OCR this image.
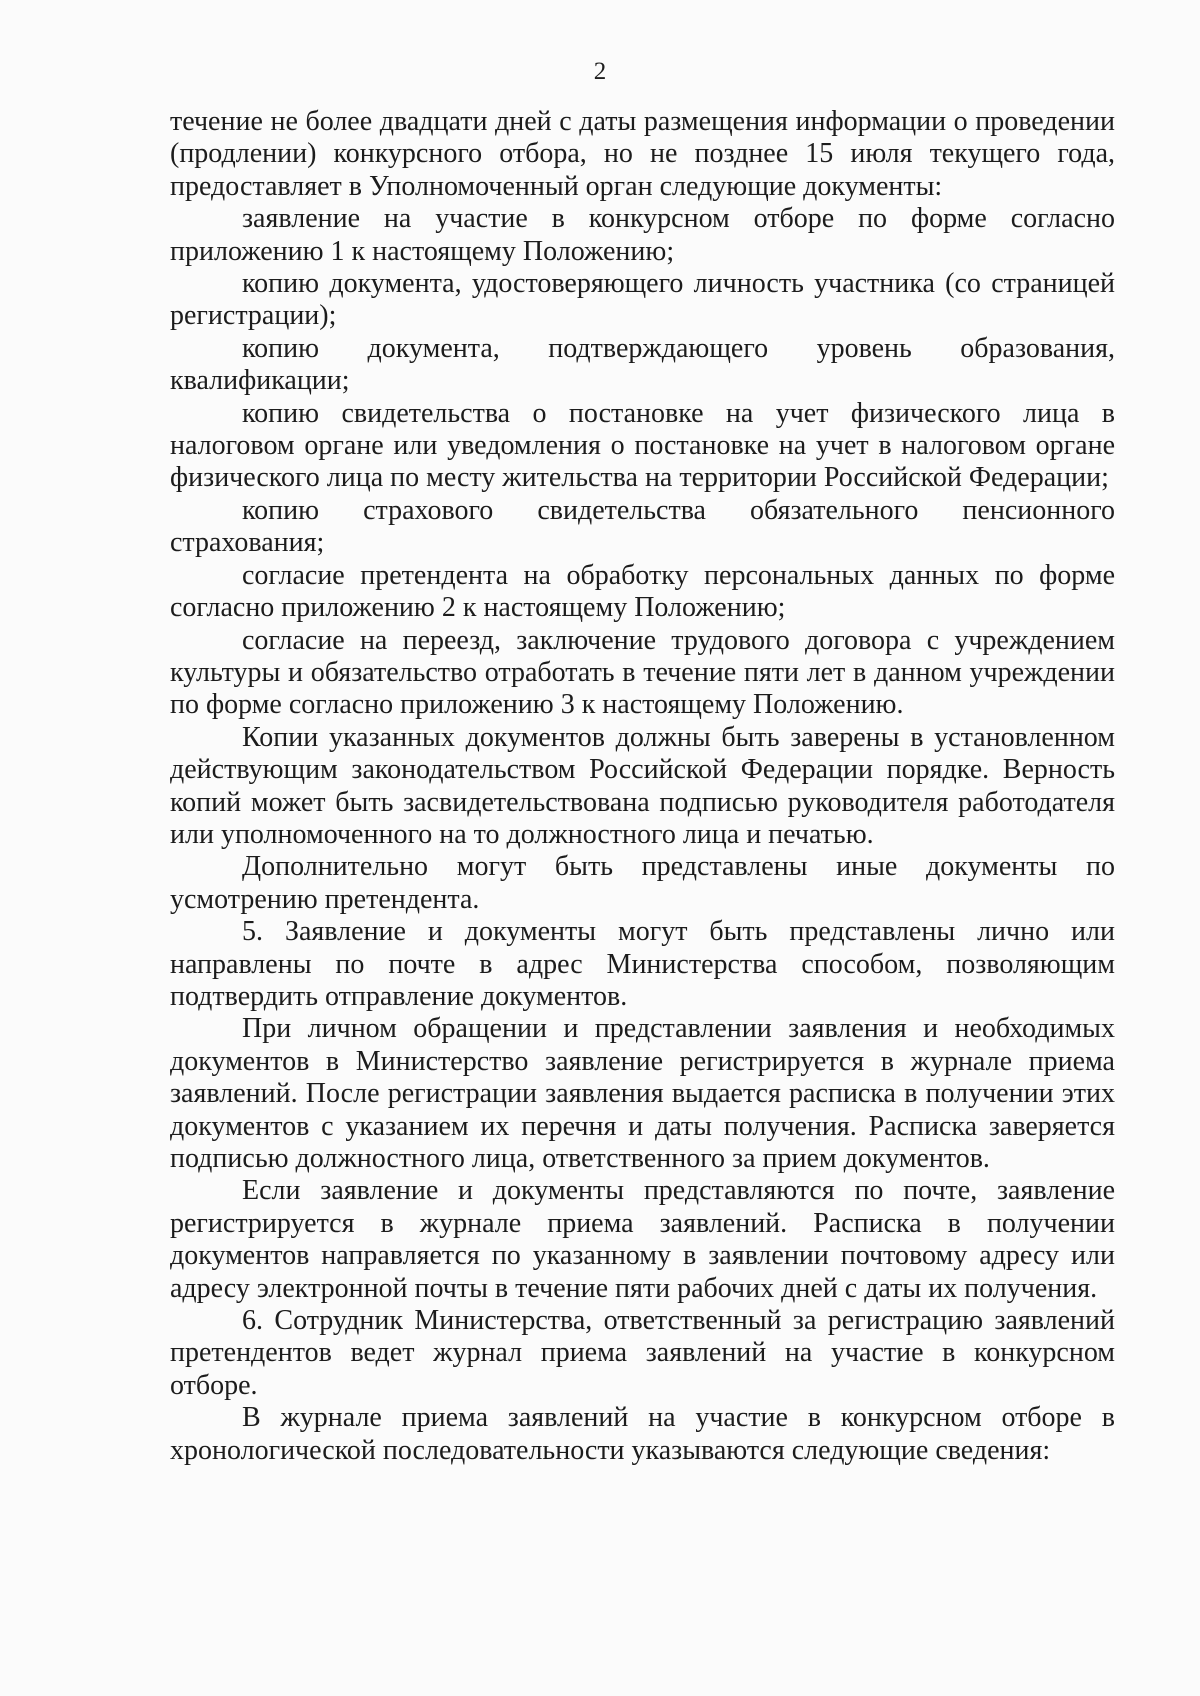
2

течение не более двадцати дней с даты размещения информации о проведении (продлении) конкурсного отбора, но не позднее 15 июля текущего года, предоставляет в Уполномоченный орган следующие документы:

заявление на участие в конкурсном отборе по форме согласно приложению 1 к настоящему Положению;

копию документа, удостоверяющего личность участника (со страницей регистрации);

копию документа, подтверждающего уровень образования, квалификации;

копию свидетельства о постановке на учет физического лица в налоговом органе или уведомления о постановке на учет в налоговом органе физического лица по месту жительства на территории Российской Федерации;

копию страхового свидетельства обязательного пенсионного страхования;

согласие претендента на обработку персональных данных по форме согласно приложению 2 к настоящему Положению;

согласие на переезд, заключение трудового договора с учреждением культуры и обязательство отработать в течение пяти лет в данном учреждении по форме согласно приложению 3 к настоящему Положению.

Копии указанных документов должны быть заверены в установленном действующим законодательством Российской Федерации порядке. Верность копий может быть засвидетельствована подписью руководителя работодателя или уполномоченного на то должностного лица и печатью.

Дополнительно могут быть представлены иные документы по усмотрению претендента.

5. Заявление и документы могут быть представлены лично или направлены по почте в адрес Министерства способом, позволяющим подтвердить отправление документов.

При личном обращении и представлении заявления и необходимых документов в Министерство заявление регистрируется в журнале приема заявлений. После регистрации заявления выдается расписка в получении этих документов с указанием их перечня и даты получения. Расписка заверяется подписью должностного лица, ответственного за прием документов.

Если заявление и документы представляются по почте, заявление регистрируется в журнале приема заявлений. Расписка в получении документов направляется по указанному в заявлении почтовому адресу или адресу электронной почты в течение пяти рабочих дней с даты их получения.

6. Сотрудник Министерства, ответственный за регистрацию заявлений претендентов ведет журнал приема заявлений на участие в конкурсном отборе.

В журнале приема заявлений на участие в конкурсном отборе в хронологической последовательности указываются следующие сведения:
